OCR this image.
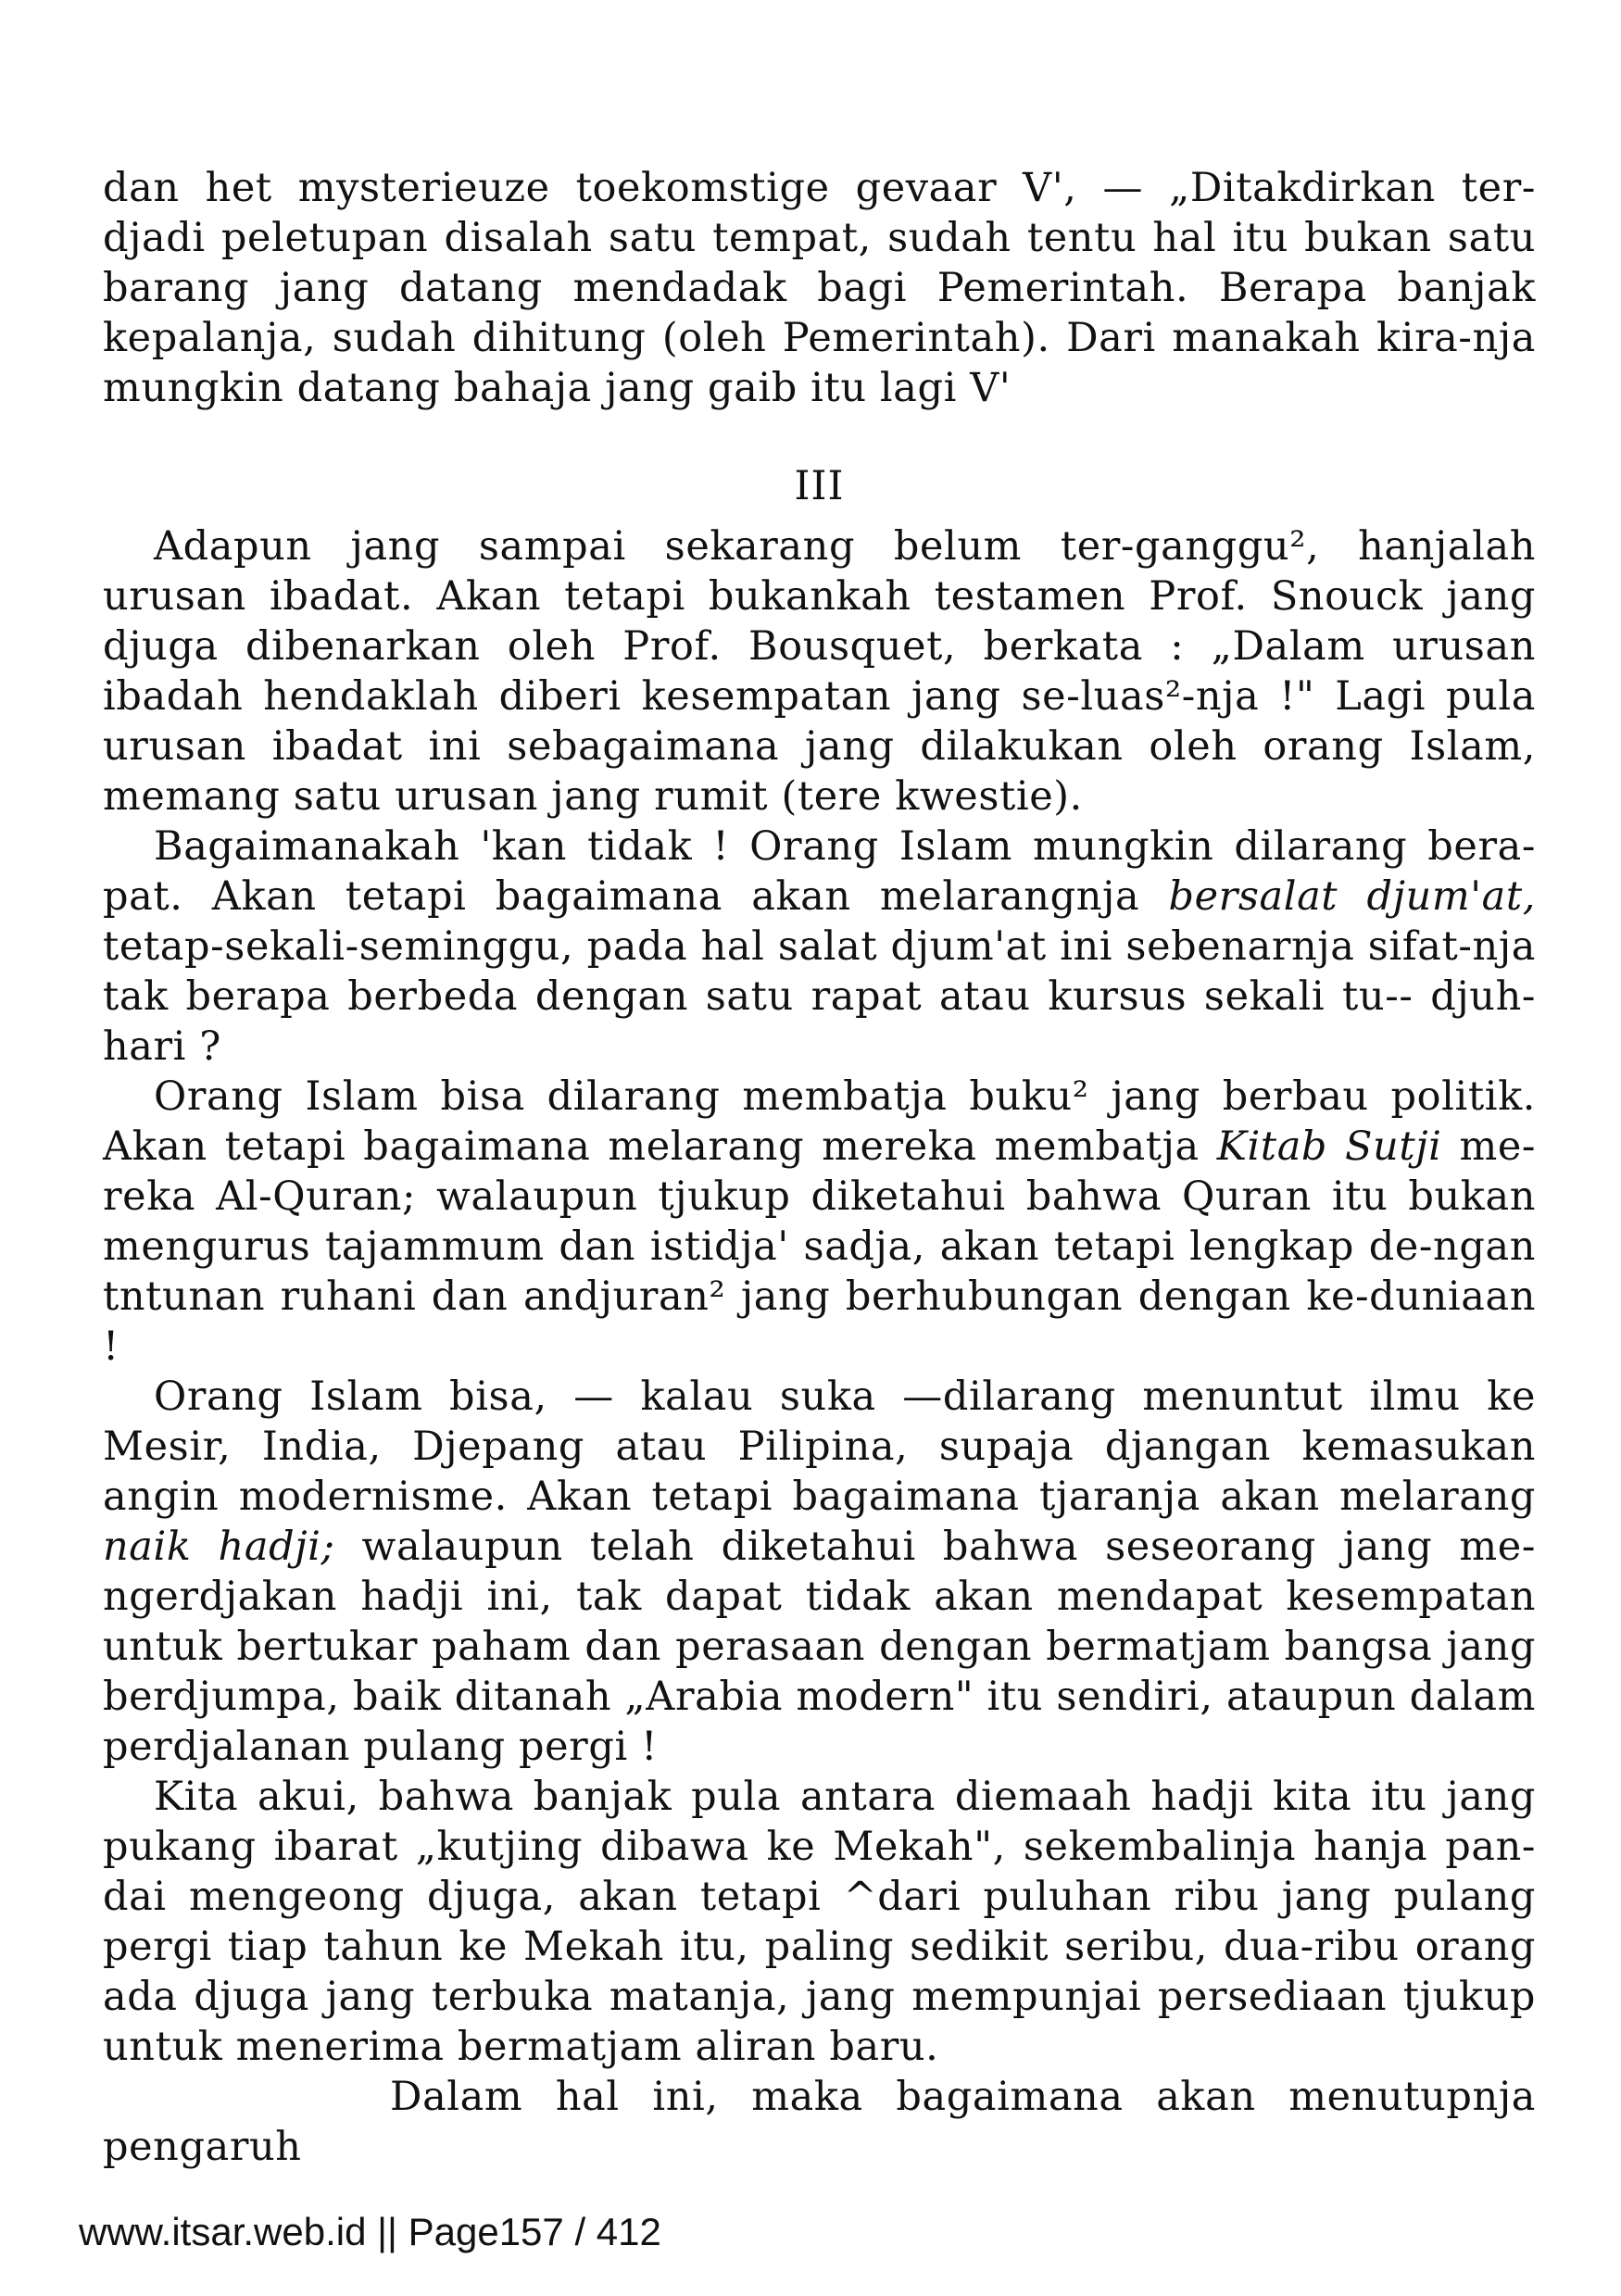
dan het mysterieuze toekomstige gevaar V', — „Ditakdirkan ter-djadi peletupan disalah satu tempat, sudah tentu hal itu bukan satu barang jang datang mendadak bagi Pemerintah. Berapa banjak kepalanja, sudah dihitung (oleh Pemerintah). Dari manakah kira-nja mungkin datang bahaja jang gaib itu lagi V'

III

Adapun jang sampai sekarang belum ter-ganggu², hanjalah urusan ibadat. Akan tetapi bukankah testamen Prof. Snouck jang djuga dibenarkan oleh Prof. Bousquet, berkata : „Dalam urusan ibadah hendaklah diberi kesempatan jang se-luas²-nja !" Lagi pula urusan ibadat ini sebagaimana jang dilakukan oleh orang Islam, memang satu urusan jang rumit (tere kwestie).

Bagaimanakah 'kan tidak ! Orang Islam mungkin dilarang bera-pat. Akan tetapi bagaimana akan melarangnja bersalat djum'at, tetap-sekali-seminggu, pada hal salat djum'at ini sebenarnja sifat-nja tak berapa berbeda dengan satu rapat atau kursus sekali tu-- djuh-hari ?

Orang Islam bisa dilarang membatja buku² jang berbau politik. Akan tetapi bagaimana melarang mereka membatja Kitab Sutji me-reka Al-Quran; walaupun tjukup diketahui bahwa Quran itu bukan mengurus tajammum dan istidja' sadja, akan tetapi lengkap de-ngan tntunan ruhani dan andjuran² jang berhubungan dengan ke-duniaan !

Orang Islam bisa, — kalau suka —dilarang menuntut ilmu ke Mesir, India, Djepang atau Pilipina, supaja djangan kemasukan angin modernisme. Akan tetapi bagaimana tjaranja akan melarang naik hadji; walaupun telah diketahui bahwa seseorang jang me-ngerdjakan hadji ini, tak dapat tidak akan mendapat kesempatan untuk bertukar paham dan perasaan dengan bermatjam bangsa jang berdjumpa, baik ditanah „Arabia modern" itu sendiri, ataupun dalam perdjalanan pulang pergi !

Kita akui, bahwa banjak pula antara diemaah hadji kita itu jang pukang ibarat „kutjing dibawa ke Mekah", sekembalinja hanja pan-dai mengeong djuga, akan tetapi ^dari puluhan ribu jang pulang pergi tiap tahun ke Mekah itu, paling sedikit seribu, dua-ribu orang ada djuga jang terbuka matanja, jang mempunjai persediaan tjukup untuk menerima bermatjam aliran baru.

Dalam hal ini, maka bagaimana akan menutupnja pengaruh

www.itsar.web.id || Page157 / 412
